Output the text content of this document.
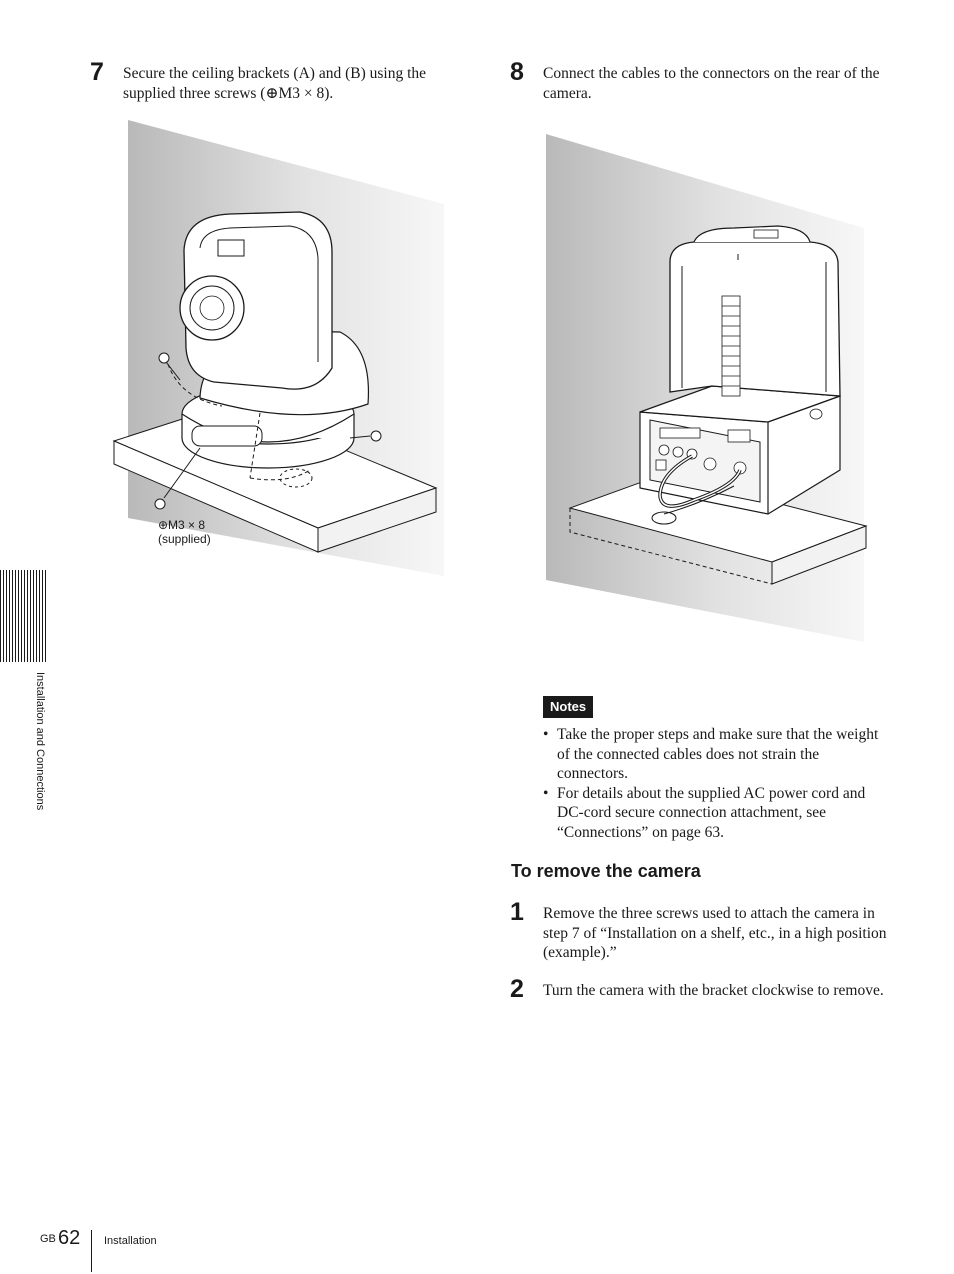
Installation and Connections
7 Secure the ceiling brackets (A) and (B) using the supplied three screws (⊕M3 × 8).
⊕M3 × 8
(supplied)
8 Connect the cables to the connectors on the rear of the camera.
Notes
• Take the proper steps and make sure that the weight of the connected cables does not strain the connectors.
• For details about the supplied AC power cord and DC-cord secure connection attachment, see “Connections” on page 63.
To remove the camera
1 Remove the three screws used to attach the camera in step 7 of “Installation on a shelf, etc., in a high position (example).”
2 Turn the camera with the bracket clockwise to remove.
GB 62 Installation
